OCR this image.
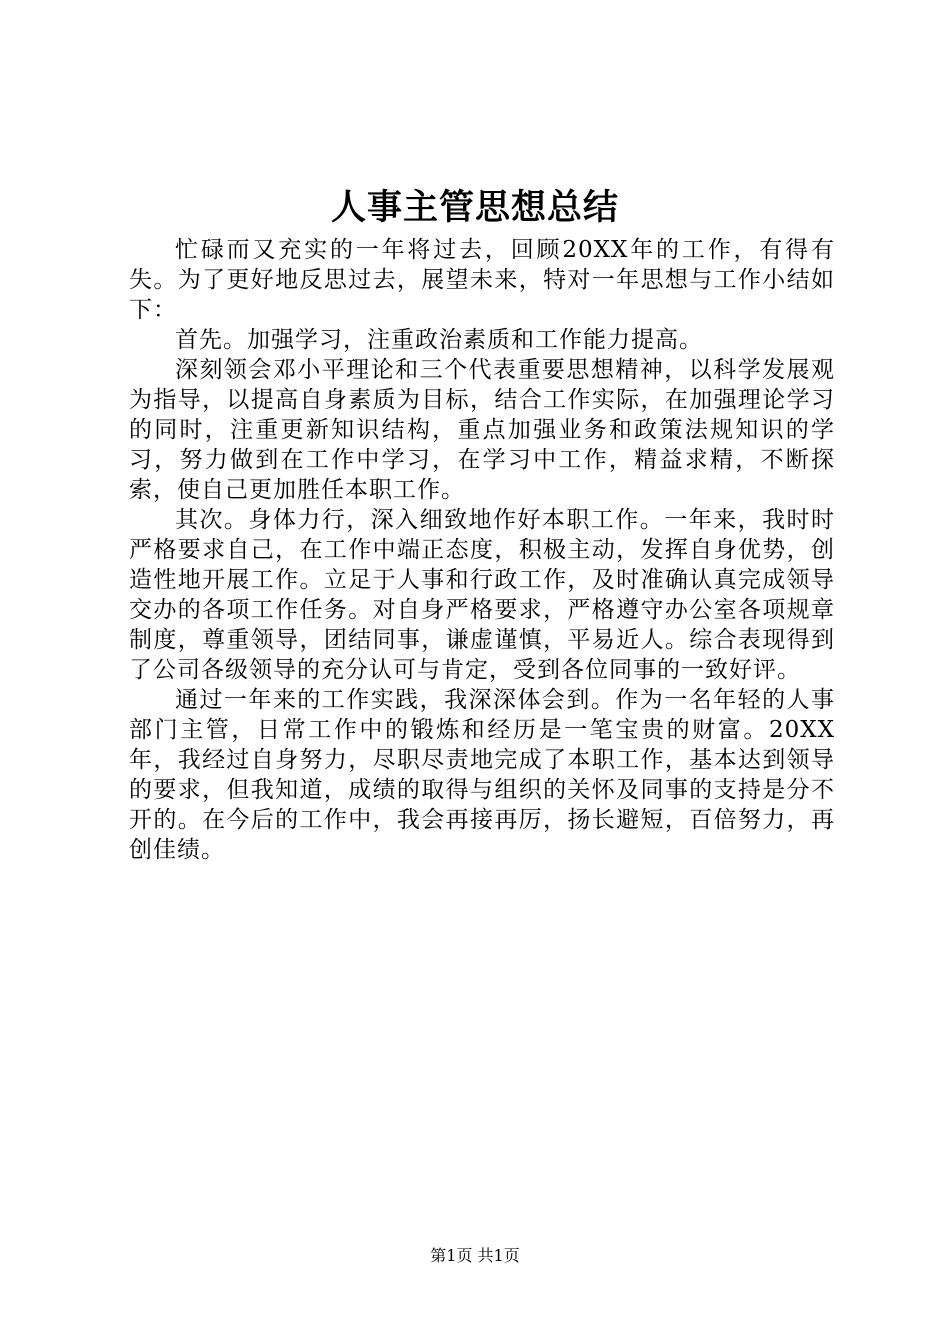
人事主管思想总结

忙碌而又充实的一年将过去，回顾20XX年的工作，有得有失。为了更好地反思过去，展望未来，特对一年思想与工作小结如下：

首先。加强学习，注重政治素质和工作能力提高。

深刻领会邓小平理论和三个代表重要思想精神，以科学发展观为指导，以提高自身素质为目标，结合工作实际，在加强理论学习的同时，注重更新知识结构，重点加强业务和政策法规知识的学习，努力做到在工作中学习，在学习中工作，精益求精，不断探索，使自己更加胜任本职工作。

其次。身体力行，深入细致地作好本职工作。一年来，我时时严格要求自己，在工作中端正态度，积极主动，发挥自身优势，创造性地开展工作。立足于人事和行政工作，及时准确认真完成领导交办的各项工作任务。对自身严格要求，严格遵守办公室各项规章制度，尊重领导，团结同事，谦虚谨慎，平易近人。综合表现得到了公司各级领导的充分认可与肯定，受到各位同事的一致好评。

通过一年来的工作实践，我深深体会到。作为一名年轻的人事部门主管，日常工作中的锻炼和经历是一笔宝贵的财富。20XX年，我经过自身努力，尽职尽责地完成了本职工作，基本达到领导的要求，但我知道，成绩的取得与组织的关怀及同事的支持是分不开的。在今后的工作中，我会再接再厉，扬长避短，百倍努力，再创佳绩。

第1页 共1页
